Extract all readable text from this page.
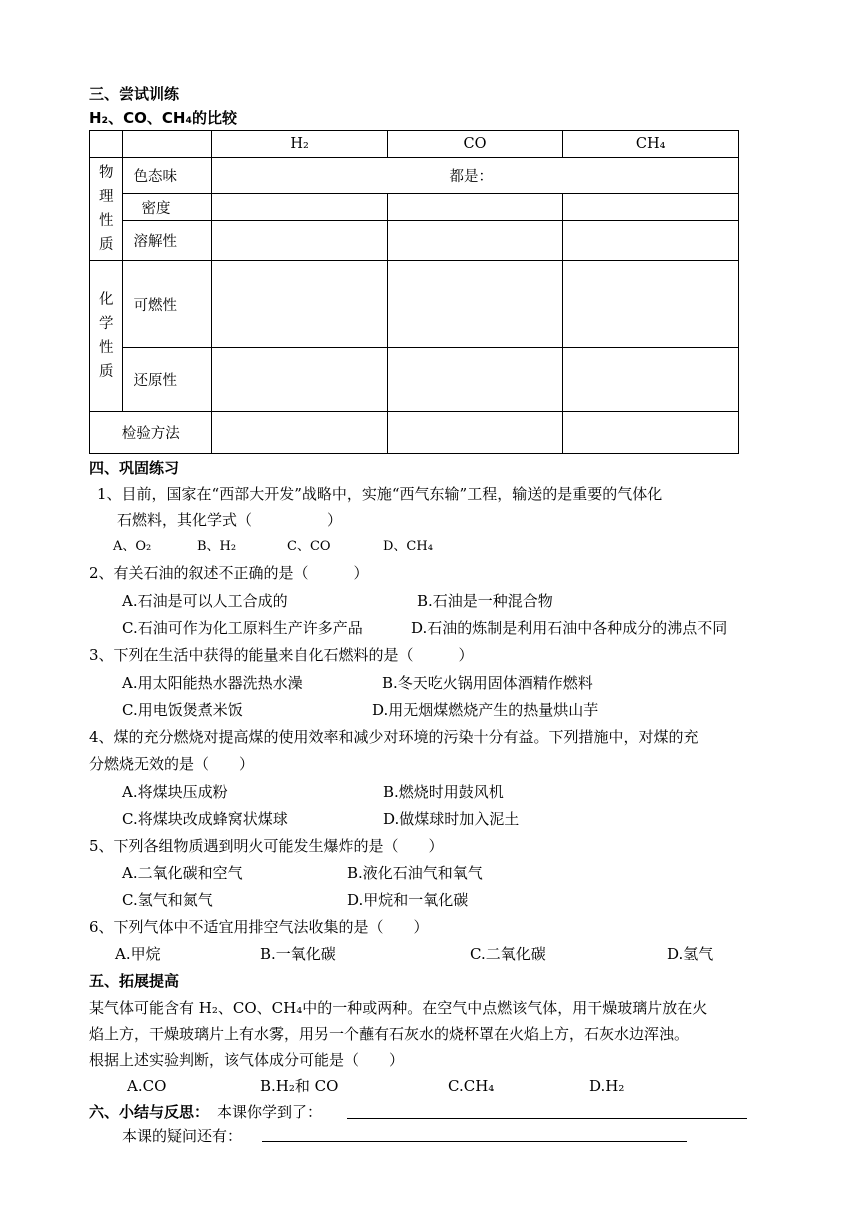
三、尝试训练
H₂、CO、CH₄的比较
		H₂	CO	CH₄

物理性质	色态味	都是：		
	密度			
	溶解性			

化学性质	可燃性			
	还原性			
检验方法				
四、巩固练习
1、目前，国家在“西部大开发”战略中，实施“西气东输”工程，输送的是重要的气体化
石燃料，其化学式（　　　　　）
A、O₂	B、H₂	C、CO	D、CH₄
2、有关石油的叙述不正确的是（　　　）
A.石油是可以人工合成的	B.石油是一种混合物
C.石油可作为化工原料生产许多产品	D.石油的炼制是利用石油中各种成分的沸点不同
3、下列在生活中获得的能量来自化石燃料的是（　　　）
A.用太阳能热水器洗热水澡	B.冬天吃火锅用固体酒精作燃料
C.用电饭煲煮米饭	D.用无烟煤燃烧产生的热量烘山芋
4、煤的充分燃烧对提高煤的使用效率和减少对环境的污染十分有益。下列措施中，对煤的充
分燃烧无效的是（　　）
A.将煤块压成粉	B.燃烧时用鼓风机
C.将煤块改成蜂窝状煤球	D.做煤球时加入泥土
5、下列各组物质遇到明火可能发生爆炸的是（　　）
A.二氧化碳和空气	B.液化石油气和氧气
C.氢气和氮气	D.甲烷和一氧化碳
6、下列气体中不适宜用排空气法收集的是（　　）
A.甲烷	B.一氧化碳	C.二氧化碳	D.氢气
五、拓展提高
某气体可能含有 H₂、CO、CH₄中的一种或两种。在空气中点燃该气体，用干燥玻璃片放在火
焰上方，干燥玻璃片上有水雾，用另一个蘸有石灰水的烧杯罩在火焰上方，石灰水边浑浊。
根据上述实验判断，该气体成分可能是（　　）
A.CO	B.H₂和 CO	C.CH₄	D.H₂
六、小结与反思： 本课你学到了：
本课的疑问还有：
